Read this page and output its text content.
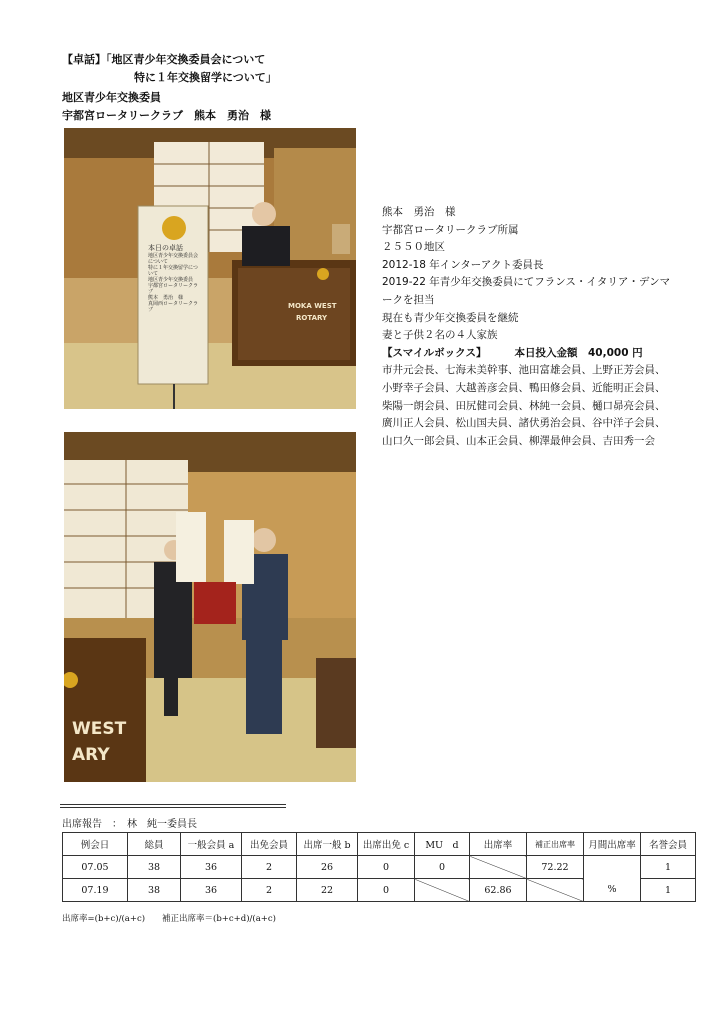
【卓話】「地区青少年交換委員会について
特に１年交換留学について」
地区青少年交換委員
宇都宮ロータリークラブ　熊本　勇治　様
本日の卓話
地区青少年交換委員会について
特に１年交換留学について
地区青少年交換委員
宇都宮ロータリークラブ
熊本　勇治　様
真岡西ロータリークラブ	MOKA WEST
ROTARY
WEST
ARY
熊本　勇治　様
宇都宮ロータリークラブ所属
２５５０地区
2012-18 年インターアクト委員長
2019-22 年青少年交換委員にてフランス・イタリア・デンマ
ークを担当
現在も青少年交換委員を継続
妻と子供２名の４人家族
【スマイルボックス】	本日投入金額　40,000 円
市井元会長、七海未美幹事、池田富雄会員、上野正芳会員、
小野幸子会員、大越善彦会員、鴨田修会員、近能明正会員、
柴陽一朗会員、田尻健司会員、林純一会員、樋口昴亮会員、
廣川正人会員、松山国夫員、諸伏勇治会員、谷中洋子会員、
山口久一郎会員、山本正会員、柳澤最伸会員、吉田秀一会
出席報告　：　林　純一委員長
例会日	総員	一般会員 a	出免会員	出席一般 b	出席出免 c	MU　d	出席率	補正出席率	月間出席率	名誉会員
07.05	38	36	2	26	0	0		72.22	%	1
07.19	38	36	2	22	0		62.86			1
出席率=(b+c)/(a+c)　　補正出席率＝(b+c+d)/(a+c)
